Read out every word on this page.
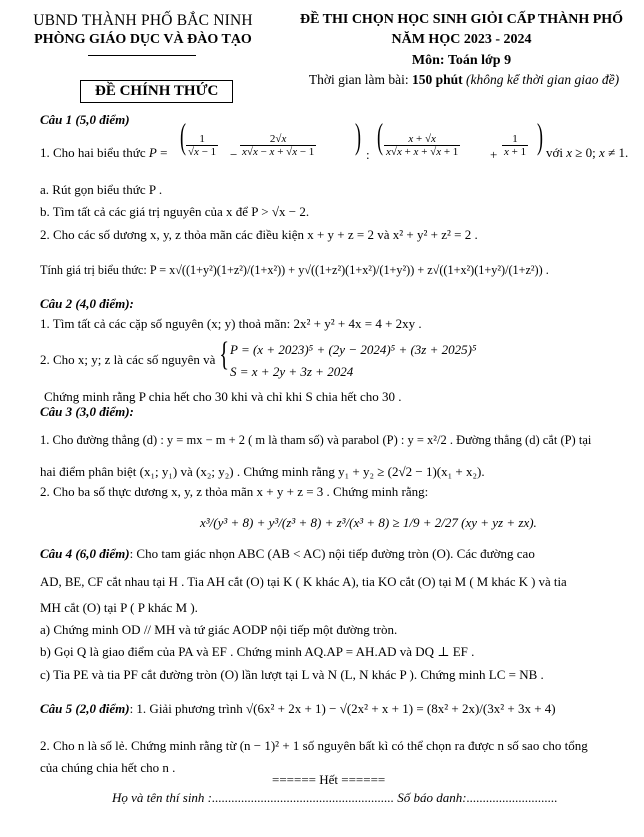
UBND THÀNH PHỐ BẮC NINH
PHÒNG GIÁO DỤC VÀ ĐÀO TẠO
ĐỀ THI CHỌN HỌC SINH GIỎI CẤP THÀNH PHỐ
NĂM HỌC 2023 - 2024
Môn: Toán lớp 9
Thời gian làm bài: 150 phút (không kể thời gian giao đề)
ĐỀ CHÍNH THỨC
Câu 1 (5,0 điểm)
1. Cho hai biểu thức P = ( $\frac{1}{√x - 1} - \frac{2√x}{x√x - x + √x - 1}$ ) : ( $\frac{x + √x}{x√x + x + √x + 1} + \frac{1}{x + 1}$ ) với x ≥ 0; x ≠ 1.
a. Rút gọn biểu thức P .
b. Tìm tất cả các giá trị nguyên của x để P > √x − 2.
2. Cho các số dương x, y, z thỏa mãn các điều kiện x + y + z = 2 và x² + y² + z² = 2 .
Tính giá trị biểu thức: P = x√((1+y²)(1+z²)/(1+x²)) + y√((1+z²)(1+x²)/(1+y²)) + z√((1+x²)(1+y²)/(1+z²)) .
Câu 2 (4,0 điểm):
1. Tìm tất cả các cặp số nguyên (x; y) thoả mãn: 2x² + y² + 4x = 4 + 2xy .
2. Cho x; y; z là các số nguyên và { P = (x + 2023)⁵ + (2y − 2024)⁵ + (3z + 2025)⁵
S = x + 2y + 3z + 2024
Chứng minh rằng P chia hết cho 30 khi và chỉ khi S chia hết cho 30 .
Câu 3 (3,0 điểm):
1. Cho đường thẳng (d) : y = mx − m + 2 ( m là tham số) và parabol (P) : y = x²/2 . Đường thẳng (d) cắt (P) tại
hai điểm phân biệt (x₁; y₁) và (x₂; y₂) . Chứng minh rằng y₁ + y₂ ≥ (2√2 − 1)(x₁ + x₂).
2. Cho ba số thực dương x, y, z thỏa mãn x + y + z = 3 . Chứng minh rằng:
x³/(y³ + 8) + y³/(z³ + 8) + z³/(x³ + 8) ≥ 1/9 + 2/27 (xy + yz + zx).
Câu 4 (6,0 điểm): Cho tam giác nhọn ABC (AB < AC) nội tiếp đường tròn (O). Các đường cao
AD, BE, CF cắt nhau tại H . Tia AH cắt (O) tại K ( K khác A), tia KO cắt (O) tại M ( M khác K ) và tia
MH cắt (O) tại P ( P khác M ).
a) Chứng minh OD // MH và tứ giác AODP nội tiếp một đường tròn.
b) Gọi Q là giao điểm của PA và EF . Chứng minh AQ.AP = AH.AD và DQ ⊥ EF .
c) Tia PE và tia PF cắt đường tròn (O) lần lượt tại L và N (L, N khác P ). Chứng minh LC = NB .
Câu 5 (2,0 điểm): 1. Giải phương trình √(6x² + 2x + 1) − √(2x² + x + 1) = (8x² + 2x)/(3x² + 3x + 4)
2. Cho n là số lẻ. Chứng minh rằng từ (n − 1)² + 1 số nguyên bất kì có thể chọn ra được n số sao cho tổng
của chúng chia hết cho n .
====== Hết ======
Họ và tên thí sinh :........................................................ Số báo danh:............................
